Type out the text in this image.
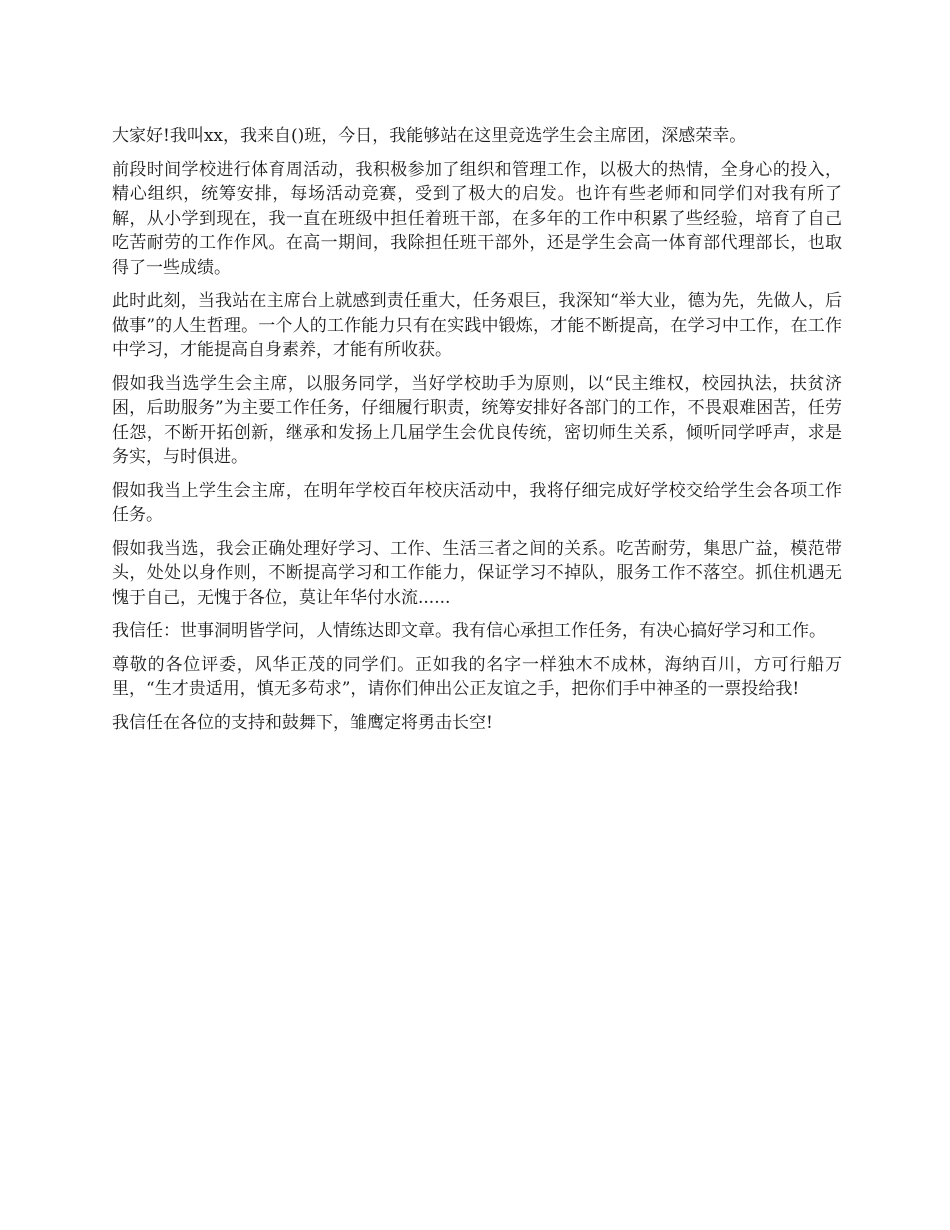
大家好!我叫xx，我来自()班，今日，我能够站在这里竞选学生会主席团，深感荣幸。

前段时间学校进行体育周活动，我积极参加了组织和管理工作，以极大的热情，全身心的投入，精心组织，统筹安排，每场活动竞赛，受到了极大的启发。也许有些老师和同学们对我有所了解，从小学到现在，我一直在班级中担任着班干部，在多年的工作中积累了些经验，培育了自己吃苦耐劳的工作作风。在高一期间，我除担任班干部外，还是学生会高一体育部代理部长，也取得了一些成绩。

此时此刻，当我站在主席台上就感到责任重大，任务艰巨，我深知“举大业，德为先，先做人，后做事”的人生哲理。一个人的工作能力只有在实践中锻炼，才能不断提高，在学习中工作，在工作中学习，才能提高自身素养，才能有所收获。

假如我当选学生会主席，以服务同学，当好学校助手为原则，以“民主维权，校园执法，扶贫济困，后助服务”为主要工作任务，仔细履行职责，统筹安排好各部门的工作，不畏艰难困苦，任劳任怨，不断开拓创新，继承和发扬上几届学生会优良传统，密切师生关系，倾听同学呼声，求是务实，与时俱进。

假如我当上学生会主席，在明年学校百年校庆活动中，我将仔细完成好学校交给学生会各项工作任务。

假如我当选，我会正确处理好学习、工作、生活三者之间的关系。吃苦耐劳，集思广益，模范带头，处处以身作则，不断提高学习和工作能力，保证学习不掉队，服务工作不落空。抓住机遇无愧于自己，无愧于各位，莫让年华付水流......

我信任：世事洞明皆学问，人情练达即文章。我有信心承担工作任务，有决心搞好学习和工作。

尊敬的各位评委，风华正茂的同学们。正如我的名字一样独木不成林，海纳百川，方可行船万里，“生才贵适用，慎无多苟求”，请你们伸出公正友谊之手，把你们手中神圣的一票投给我!

我信任在各位的支持和鼓舞下，雏鹰定将勇击长空!
